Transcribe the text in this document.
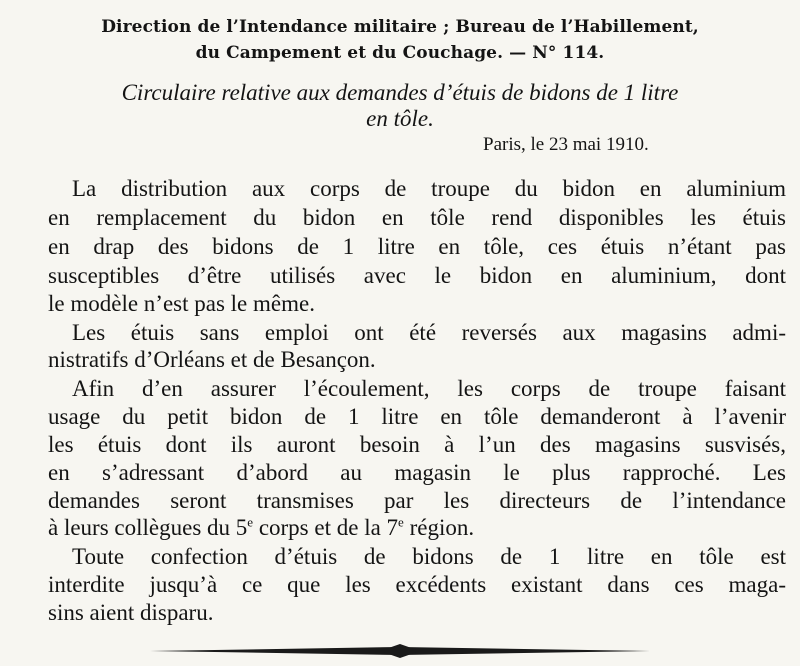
Direction de l’Intendance militaire ; Bureau de l’Habillement,
du Campement et du Couchage. — N° 114.
Circulaire relative aux demandes d’étuis de bidons de 1 litre
en tôle.
Paris, le 23 mai 1910.
La distribution aux corps de troupe du bidon en aluminium
en remplacement du bidon en tôle rend disponibles les étuis
en drap des bidons de 1 litre en tôle, ces étuis n’étant pas
susceptibles d’être utilisés avec le bidon en aluminium, dont
le modèle n’est pas le même.
Les étuis sans emploi ont été reversés aux magasins admi-
nistratifs d’Orléans et de Besançon.
Afin d’en assurer l’écoulement, les corps de troupe faisant
usage du petit bidon de 1 litre en tôle demanderont à l’avenir
les étuis dont ils auront besoin à l’un des magasins susvisés,
en s’adressant d’abord au magasin le plus rapproché. Les
demandes seront transmises par les directeurs de l’intendance
à leurs collègues du 5e corps et de la 7e région.
Toute confection d’étuis de bidons de 1 litre en tôle est
interdite jusqu’à ce que les excédents existant dans ces maga-
sins aient disparu.
